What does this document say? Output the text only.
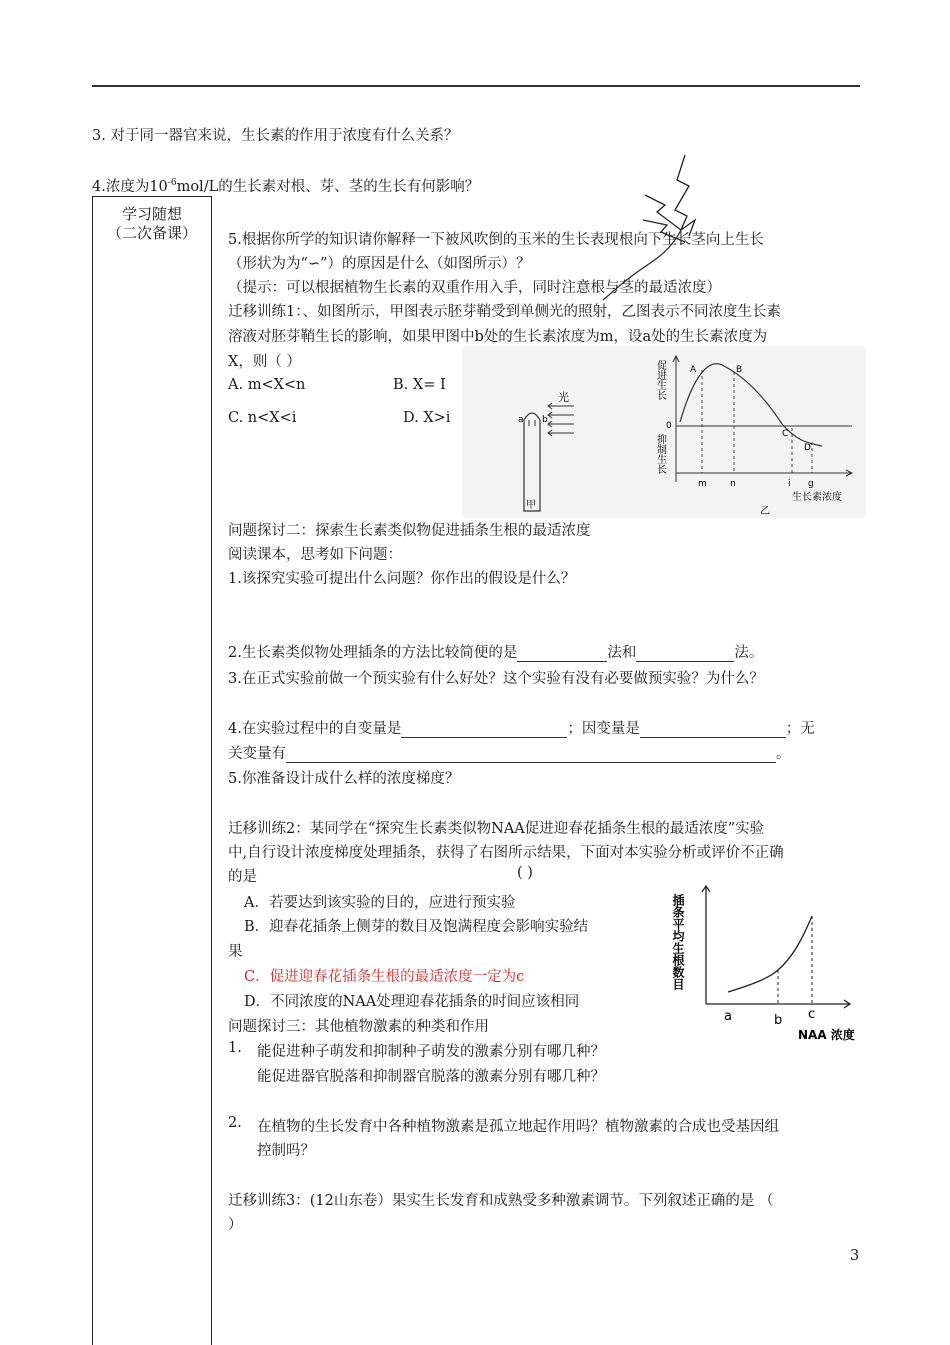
3. 对于同一器官来说，生长素的作用于浓度有什么关系？
4.浓度为$10^{-6}mol/L$的生长素对根、芽、茎的生长有何影响？
学习随想
（二次备课）	5.根据你所学的知识请你解释一下被风吹倒的玉米的生长表现根向下生长茎向上生长
（形状为为“∽”）的原因是什么（如图所示）？
（提示：可以根据植物生长素的双重作用入手，同时注意根与茎的最适浓度）
迁移训练1：、如图所示，甲图表示胚芽鞘受到单侧光的照射，乙图表示不同浓度生长素
溶液对胚芽鞘生长的影响，如果甲图中b处的生长素浓度为m，设a处的生长素浓度为
X，则（ ）
A. m<X<n	B. X= I
C. n<X<i	D. X>i
光
a b
甲
促进生长
抑制生长
0
A	B
C
D
m	n	i g
生长素浓度
乙
问题探讨二：探索生长素类似物促进插条生根的最适浓度
阅读课本，思考如下问题：
1.该探究实验可提出什么问题？你作出的假设是什么？
2.生长素类似物处理插条的方法比较简便的是	法和	法。
3.在正式实验前做一个预实验有什么好处？这个实验有没有必要做预实验？为什么？
4.在实验过程中的自变量是	；因变量是	；无
关变量有	。
5.你准备设计成什么样的浓度梯度？
迁移训练2：某同学在“探究生长素类似物NAA促进迎春花插条生根的最适浓度”实验
中,自行设计浓度梯度处理插条，获得了右图所示结果，下面对本实验分析或评价不正确
的是	( )
A．若要达到该实验的目的，应进行预实验
B．迎春花插条上侧芽的数目及饱满程度会影响实验结
果
C．促进迎春花插条生根的最适浓度一定为c
D．不同浓度的NAA处理迎春花插条的时间应该相同
插条平均生根数目
a	b c
NAA 浓度
问题探讨三：其他植物激素的种类和作用
1. 能促进种子萌发和抑制种子萌发的激素分别有哪几种？
能促进器官脱落和抑制器官脱落的激素分别有哪几种？
2. 在植物的生长发育中各种植物激素是孤立地起作用吗？植物激素的合成也受基因组
控制吗？
迁移训练3：(12山东卷）果实生长发育和成熟受多种激素调节。下列叙述正确的是 （
）
3
